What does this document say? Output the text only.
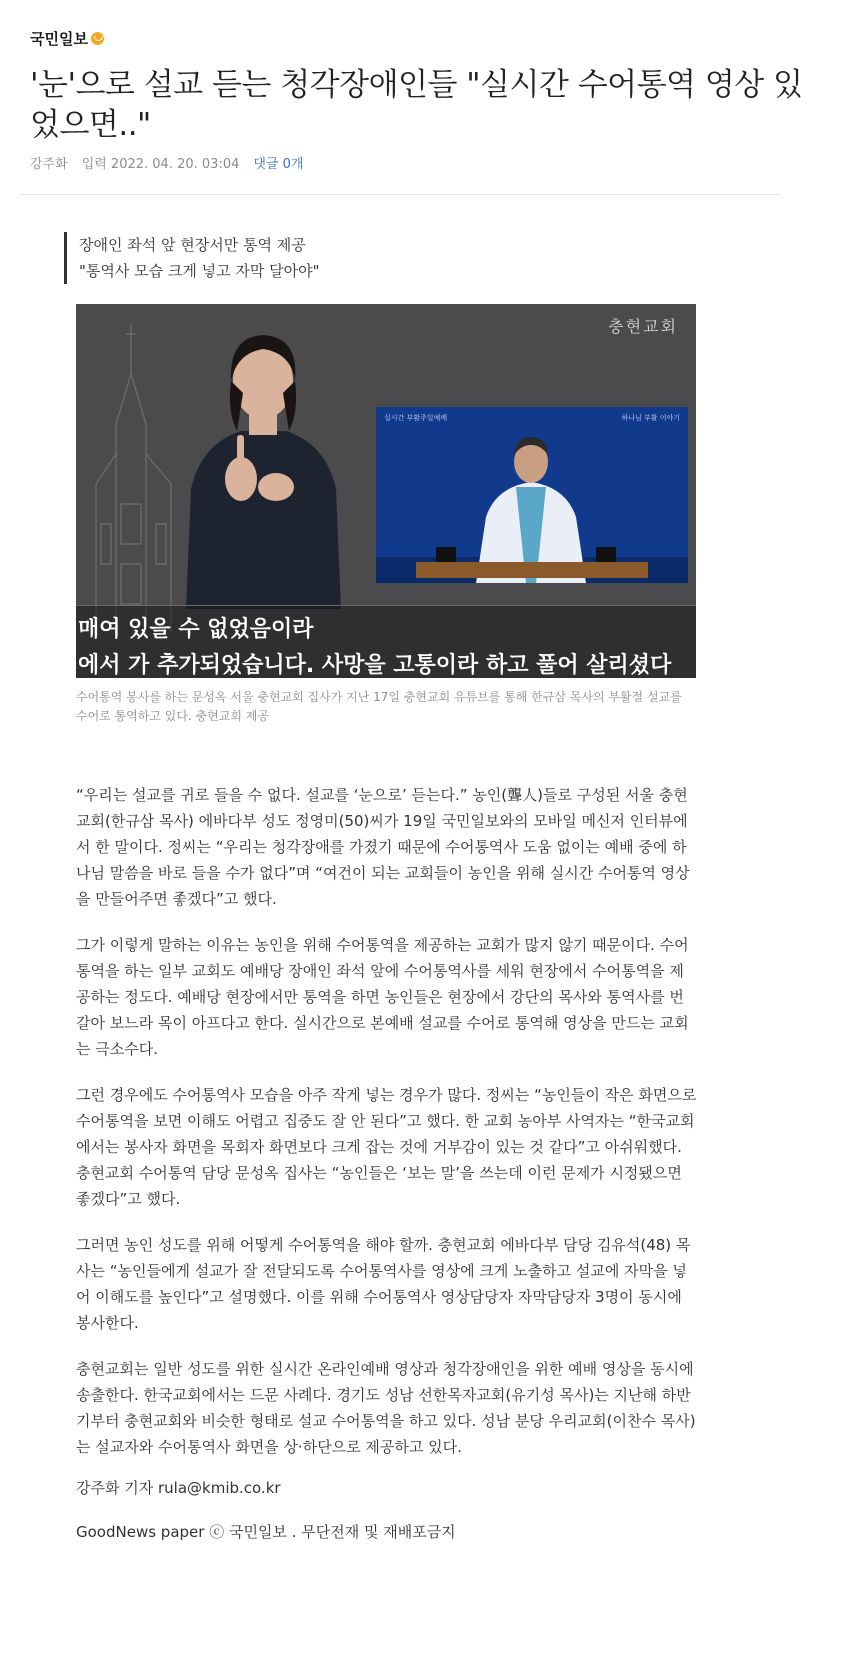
국민일보
'눈'으로 설교 듣는 청각장애인들 "실시간 수어통역 영상 있었으면.."
강주화 입력 2022. 04. 20. 03:04 댓글 0개
장애인 좌석 앞 현장서만 통역 제공
"통역사 모습 크게 넣고 자막 달아야"
충현교회
실시간 부활주일예배	하나님 부활 이야기
매여 있을 수 없었음이라
에서 가 추가되었습니다. 사망을 고통이라 하고 풀어 살리셨다
수어통역 봉사를 하는 문성옥 서울 충현교회 집사가 지난 17일 충현교회 유튜브를 통해 한규삼 목사의 부활절 설교를 수어로 통역하고 있다. 충현교회 제공

“우리는 설교를 귀로 들을 수 없다. 설교를 ‘눈으로’ 듣는다.” 농인(聾人)들로 구성된 서울 충현교회(한규삼 목사) 에바다부 성도 정영미(50)씨가 19일 국민일보와의 모바일 메신저 인터뷰에서 한 말이다. 정씨는 “우리는 청각장애를 가졌기 때문에 수어통역사 도움 없이는 예배 중에 하나님 말씀을 바로 들을 수가 없다”며 “여건이 되는 교회들이 농인을 위해 실시간 수어통역 영상을 만들어주면 좋겠다”고 했다.

그가 이렇게 말하는 이유는 농인을 위해 수어통역을 제공하는 교회가 많지 않기 때문이다. 수어통역을 하는 일부 교회도 예배당 장애인 좌석 앞에 수어통역사를 세워 현장에서 수어통역을 제공하는 정도다. 예배당 현장에서만 통역을 하면 농인들은 현장에서 강단의 목사와 통역사를 번갈아 보느라 목이 아프다고 한다. 실시간으로 본예배 설교를 수어로 통역해 영상을 만드는 교회는 극소수다.

그런 경우에도 수어통역사 모습을 아주 작게 넣는 경우가 많다. 정씨는 “농인들이 작은 화면으로 수어통역을 보면 이해도 어렵고 집중도 잘 안 된다”고 했다. 한 교회 농아부 사역자는 “한국교회에서는 봉사자 화면을 목회자 화면보다 크게 잡는 것에 거부감이 있는 것 같다”고 아쉬워했다. 충현교회 수어통역 담당 문성옥 집사는 “농인들은 ‘보는 말’을 쓰는데 이런 문제가 시정됐으면 좋겠다”고 했다.

그러면 농인 성도를 위해 어떻게 수어통역을 해야 할까. 충현교회 에바다부 담당 김유석(48) 목사는 “농인들에게 설교가 잘 전달되도록 수어통역사를 영상에 크게 노출하고 설교에 자막을 넣어 이해도를 높인다”고 설명했다. 이를 위해 수어통역사 영상담당자 자막담당자 3명이 동시에 봉사한다.

충현교회는 일반 성도를 위한 실시간 온라인예배 영상과 청각장애인을 위한 예배 영상을 동시에 송출한다. 한국교회에서는 드문 사례다. 경기도 성남 선한목자교회(유기성 목사)는 지난해 하반기부터 충현교회와 비슷한 형태로 설교 수어통역을 하고 있다. 성남 분당 우리교회(이찬수 목사)는 설교자와 수어통역사 화면을 상·하단으로 제공하고 있다.

강주화 기자 rula@kmib.co.kr
GoodNews paper ⓒ 국민일보 . 무단전재 및 재배포금지
